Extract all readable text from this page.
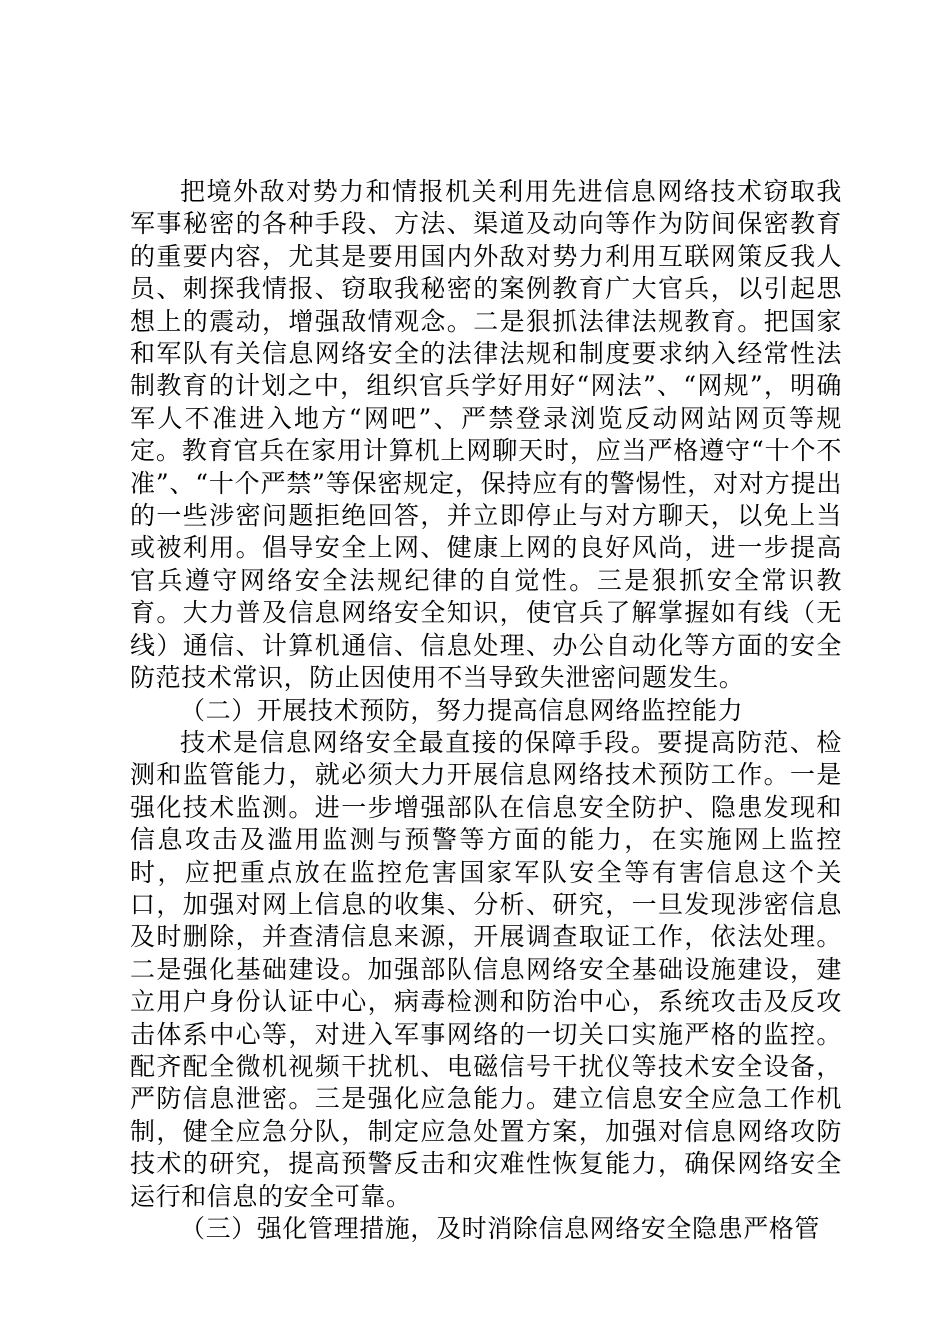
把境外敌对势力和情报机关利用先进信息网络技术窃取我军事秘密的各种手段、方法、渠道及动向等作为防间保密教育的重要内容，尤其是要用国内外敌对势力利用互联网策反我人员、刺探我情报、窃取我秘密的案例教育广大官兵，以引起思想上的震动，增强敌情观念。二是狠抓法律法规教育。把国家和军队有关信息网络安全的法律法规和制度要求纳入经常性法制教育的计划之中，组织官兵学好用好“网法”、“网规”，明确军人不准进入地方“网吧”、严禁登录浏览反动网站网页等规定。教育官兵在家用计算机上网聊天时，应当严格遵守“十个不准”、“十个严禁”等保密规定，保持应有的警惕性，对对方提出的一些涉密问题拒绝回答，并立即停止与对方聊天，以免上当或被利用。倡导安全上网、健康上网的良好风尚，进一步提高官兵遵守网络安全法规纪律的自觉性。三是狠抓安全常识教育。大力普及信息网络安全知识，使官兵了解掌握如有线（无线）通信、计算机通信、信息处理、办公自动化等方面的安全防范技术常识，防止因使用不当导致失泄密问题发生。

（二）开展技术预防，努力提高信息网络监控能力

技术是信息网络安全最直接的保障手段。要提高防范、检测和监管能力，就必须大力开展信息网络技术预防工作。一是强化技术监测。进一步增强部队在信息安全防护、隐患发现和信息攻击及滥用监测与预警等方面的能力，在实施网上监控时，应把重点放在监控危害国家军队安全等有害信息这个关口，加强对网上信息的收集、分析、研究，一旦发现涉密信息及时删除，并查清信息来源，开展调查取证工作，依法处理。二是强化基础建设。加强部队信息网络安全基础设施建设，建立用户身份认证中心，病毒检测和防治中心，系统攻击及反攻击体系中心等，对进入军事网络的一切关口实施严格的监控。配齐配全微机视频干扰机、电磁信号干扰仪等技术安全设备，严防信息泄密。三是强化应急能力。建立信息安全应急工作机制，健全应急分队，制定应急处置方案，加强对信息网络攻防技术的研究，提高预警反击和灾难性恢复能力，确保网络安全运行和信息的安全可靠。

（三）强化管理措施，及时消除信息网络安全隐患严格管
